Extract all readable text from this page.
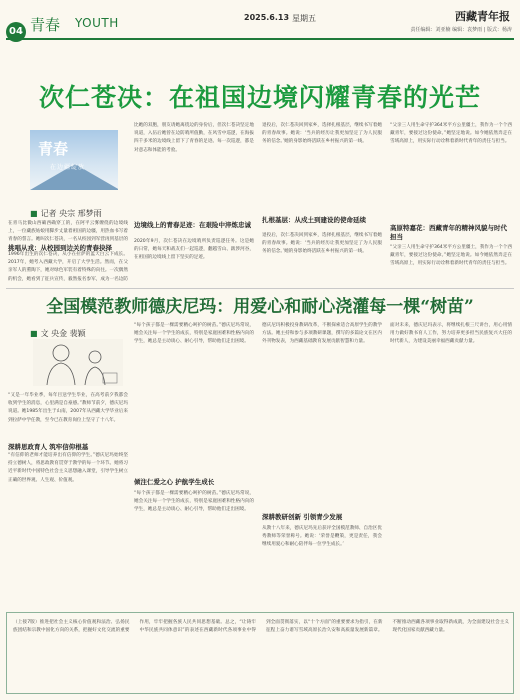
04 青春 YOUTH	2025.6.13 星期五	西藏青年报
责任编辑：刘亚楠 编辑：袁梦雨 | 版式：杨涛
次仁苍决：在祖国边境闪耀青春的光芒
青春
在边疆绽放
■ 记者 央宗 邢梦雨
在青马比微山西确西确穿工的，在阿平云雾缭绕的边境线上，一位藏族姑娘用脚步丈量着祖国的边疆，用热血书写着青春的誓言。她叫次仁苍决，一名从校园到军营再到基层的
挑唱从戎：从校园到边关的青春抉择
1996年出生的次仁苍决，从小在拉萨的蓝天白云下成长。2017年，她考入西藏大学，开启了大学生活。然而，在父亲军人的熏陶下，她对绿色军装有着特殊的向往。一次偶然的机会，她看到了征兵宣传，毅然报名参军，成为一名边防
比她的双胞，朋友请她离绕边的身份后，但次仁苍决坚定地说道，入伍后她曾在边防哨所值勤，在风雪中巡逻，在海拔四千多米的边境线上留下了青春的足迹。每一次巡逻，都是对意志和体能的考验。
边境线上的青春足迹：在艰险中淬炼忠诚
2020年9月，次仁苍决在边境哨所负责巡逻任务。这是她的日常，她每天和战友们一起巡逻，翻越雪山、跋涉河谷，在祖国的边境线上留下坚实的足迹。
退役后，次仁苍决回到家乡，选择扎根基层，继续书写着她的青春故事。她说：‘当兵的经历让我更加坚定了为人民服务的信念。’她的身影始终活跃在乡村振兴的第一线。
扎根基层：从戍土到建设的使命延续
退役后，次仁苍决回到家乡，选择扎根基层，继续书写着她的青春故事。她说：‘当兵的经历让我更加坚定了为人民服务的信念。’她的身影始终活跃在乡村振兴的第一线。
“父亲三人用生命守护364米平方公里疆土，我作为一个个西藏青年，要接过这份使命。”她坚定地说。如今她依然奔走在雪域高原上，用实际行动诠释着新时代青年的责任与担当。
高原特嘉花：西藏青年的精神风貌与时代担当
“父亲三人用生命守护364米平方公里疆土，我作为一个个西藏青年，要接过这份使命。”她坚定地说。如今她依然奔走在雪域高原上，用实际行动诠释着新时代青年的责任与担当。
全国模范教师德庆尼玛：用爱心和耐心浇灌每一棵“树苗”
■ 文 央金 裴颖
“又是一年毕业季，每年目送学生毕业，在高考前夕我都会收到学生的消息，心里满是自豪感。”教师节前夕，德庆尼玛说道。她1985年出生于山南，2007年从西藏大学毕业后来到拉萨中学任教，至今已在教育岗位上坚守了十八年。
深耕思政育人 筑牢信仰根基
“有信仰的老师才能培养出有信仰的学生。”德庆尼玛始终坚持立德树人，将思政教育贯穿于教学的每一个环节。她将习近平新时代中国特色社会主义思想融入课堂，引导学生树立正确的世界观、人生观、价值观。
“每个孩子都是一棵需要精心呵护的树苗。”德庆尼玛常说，她会关注每一个学生的成长，特别是家庭困难和性格内向的学生，她总是主动谈心、耐心引导，帮助他们走出困境。
倾注仁爱之心 护航学生成长
“每个孩子都是一棵需要精心呵护的树苗。”德庆尼玛常说，她会关注每一个学生的成长，特别是家庭困难和性格内向的学生，她总是主动谈心、耐心引导，帮助他们走出困境。
德庆尼玛积极投身教研改革，不断探索适合高原学生的教学方法。她主持和参与多项教研课题，撰写的多篇论文在区内外刊物发表，为西藏基础教育发展贡献智慧和力量。
深耕教研创新 引领青少发展
从教十八年来，德庆尼玛先后获评全国模范教师、自治区优秀教师等荣誉称号。她说：‘荣誉是鞭策，更是责任，我会继续用爱心和耐心陪伴每一位学生成长。’
面对未来，德庆尼玛表示，将继续扎根三尺讲台，用心用情用力做好教书育人工作，努力培养更多担当民族复兴大任的时代新人，为建设美丽幸福西藏贡献力量。
（上接7版）推进把社会主义核心价值观和法治、弘扬民族团结和宗教中国化方向的关系，把握好文化交流的重要作用，牢牢把握各族人民共同思想基础。总之，“让铸牢中华民族共同体意识”的表述在西藏新时代各项事业中得到全面贯彻落实，以“十个方面”的重要要求为指引，在新征程上奋力谱写雪域高原长治久安和高质量发展新篇章。不断推动西藏各项事业取得新成就，为全面建设社会主义现代化国家贡献西藏力量。
